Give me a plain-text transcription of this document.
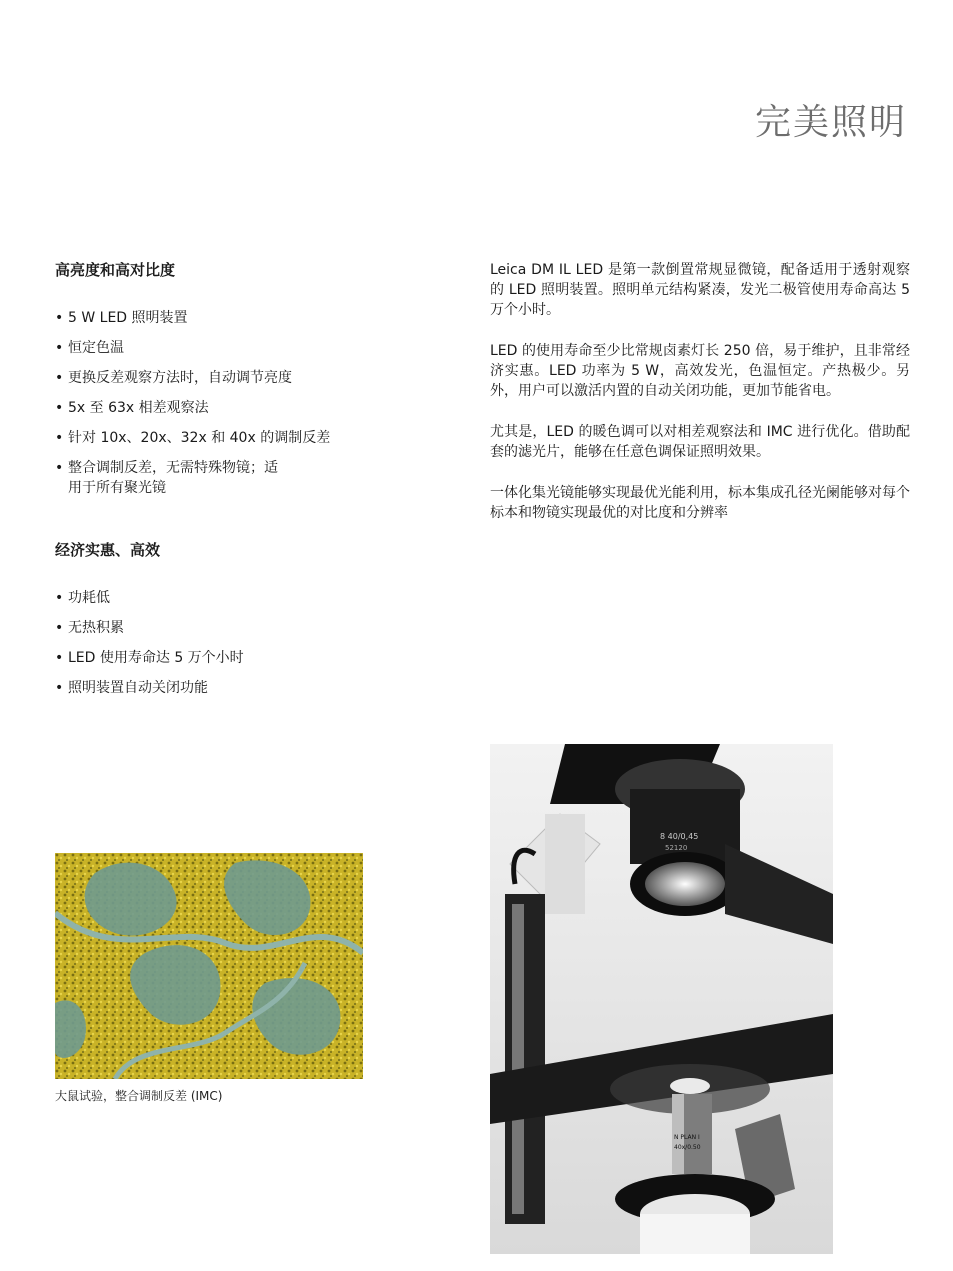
完美照明
高亮度和高对比度
• 5 W LED 照明装置
• 恒定色温
• 更换反差观察方法时，自动调节亮度
• 5x 至 63x 相差观察法
• 针对 10x、20x、32x 和 40x 的调制反差
• 整合调制反差，无需特殊物镜；适用于所有聚光镜
经济实惠、高效
• 功耗低
• 无热积累
• LED 使用寿命达 5 万个小时
• 照明装置自动关闭功能

Leica DM IL LED 是第一款倒置常规显微镜，配备适用于透射观察的 LED 照明装置。照明单元结构紧凑，发光二极管使用寿命高达 5 万个小时。

LED 的使用寿命至少比常规卤素灯长 250 倍，易于维护，且非常经济实惠。LED 功率为 5 W，高效发光，色温恒定。产热极少。另外，用户可以激活内置的自动关闭功能，更加节能省电。

尤其是，LED 的暖色调可以对相差观察法和 IMC 进行优化。借助配套的滤光片，能够在任意色调保证照明效果。

一体化集光镜能够实现最优光能利用，标本集成孔径光阑能够对每个标本和物镜实现最优的对比度和分辨率

大鼠试验，整合调制反差 (IMC)
8 40/0,45
52120
N PLAN I
40x/0.50
